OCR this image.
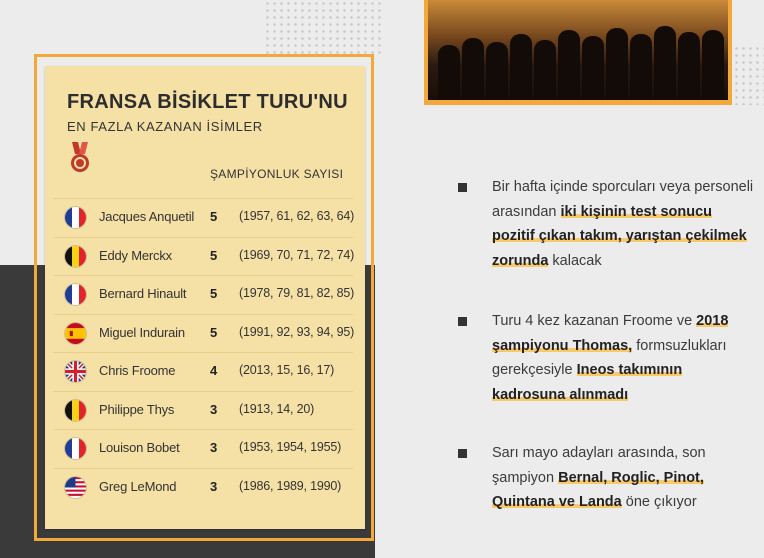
FRANSA BİSİKLET TURU'NU

EN FAZLA KAZANAN İSİMLER

ŞAMPİYONLUK SAYISI

Jacques Anquetil 5 (1957, 61, 62, 63, 64)
Eddy Merckx	5 (1969, 70, 71, 72, 74)
Bernard Hinault 5 (1978, 79, 81, 82, 85)
Miguel Indurain 5 (1991, 92, 93, 94, 95)
Chris Froome	4 (2013, 15, 16, 17)
Philippe Thys	3 (1913, 14, 20)
Louison Bobet 3 (1953, 1954, 1955)
Greg LeMond	3 (1986, 1989, 1990)
Bir hafta içinde sporcuları veya personeli arasından iki kişinin test sonucu pozitif çıkan takım, yarıştan çekilmek zorunda kalacak
Turu 4 kez kazanan Froome ve 2018 şampiyonu Thomas, formsuzlukları gerekçesiyle Ineos takımının kadrosuna alınmadı
Sarı mayo adayları arasında, son şampiyon Bernal, Roglic, Pinot, Quintana ve Landa öne çıkıyor
